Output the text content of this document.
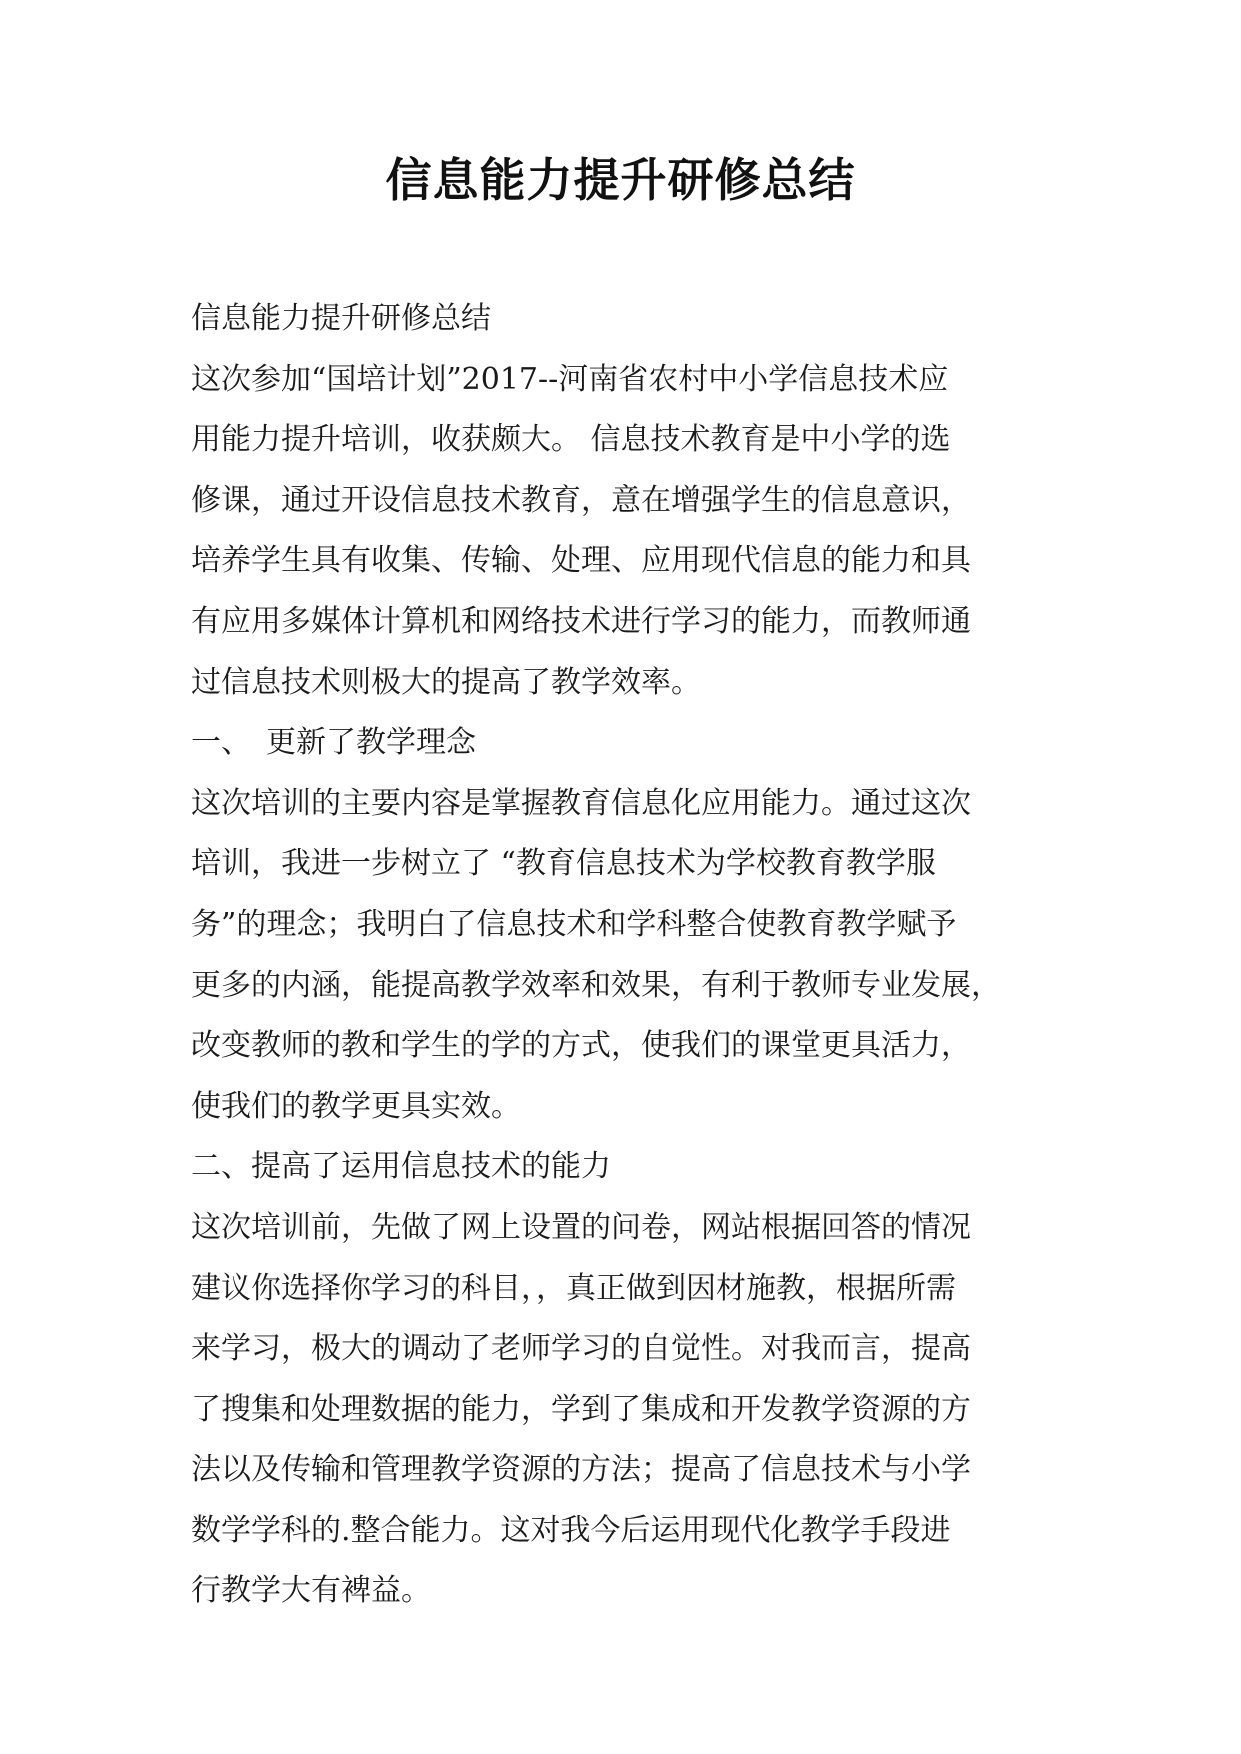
信息能力提升研修总结
信息能力提升研修总结
这次参加“国培计划”2017--河南省农村中小学信息技术应
用能力提升培训，收获颇大。 信息技术教育是中小学的选
修课，通过开设信息技术教育，意在增强学生的信息意识，
培养学生具有收集、传输、处理、应用现代信息的能力和具
有应用多媒体计算机和网络技术进行学习的能力，而教师通
过信息技术则极大的提高了教学效率。
一、　更新了教学理念
这次培训的主要内容是掌握教育信息化应用能力。通过这次
培训，我进一步树立了 “教育信息技术为学校教育教学服
务”的理念；我明白了信息技术和学科整合使教育教学赋予
更多的内涵，能提高教学效率和效果，有利于教师专业发展，
改变教师的教和学生的学的方式，使我们的课堂更具活力，
使我们的教学更具实效。
二、提高了运用信息技术的能力
这次培训前，先做了网上设置的问卷，网站根据回答的情况
建议你选择你学习的科目，，真正做到因材施教，根据所需
来学习，极大的调动了老师学习的自觉性。对我而言，提高
了搜集和处理数据的能力，学到了集成和开发教学资源的方
法以及传输和管理教学资源的方法；提高了信息技术与小学
数学学科的.整合能力。这对我今后运用现代化教学手段进
行教学大有裨益。
